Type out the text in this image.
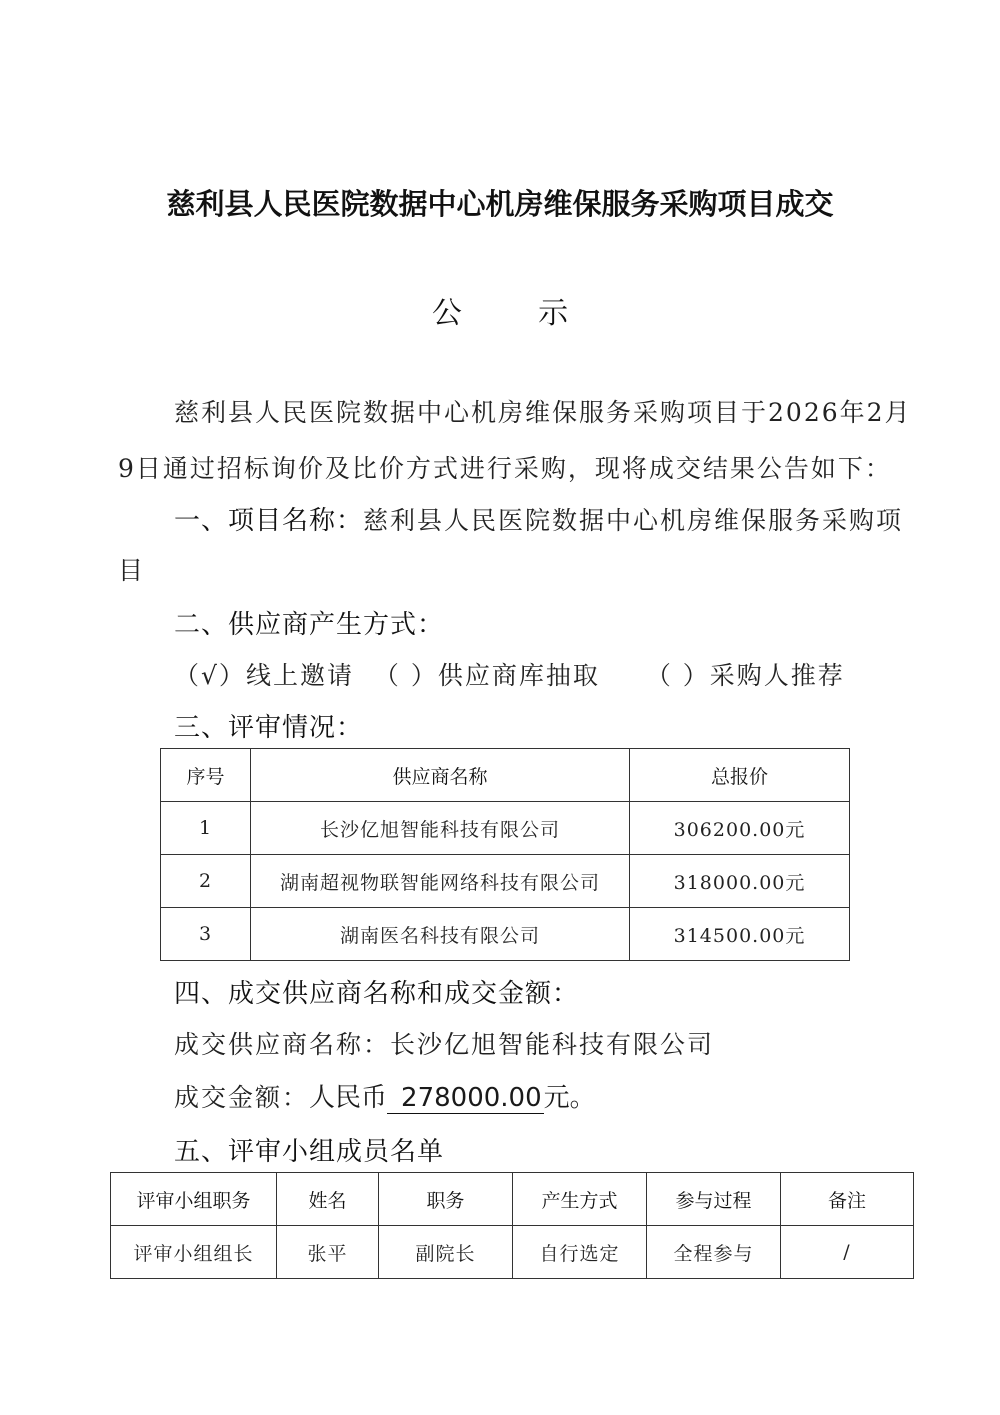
慈利县人民医院数据中心机房维保服务采购项目成交
公        示
慈利县人民医院数据中心机房维保服务采购项目于2026年2月
9日通过招标询价及比价方式进行采购，现将成交结果公告如下：
一、项目名称：慈利县人民医院数据中心机房维保服务采购项
目
二、供应商产生方式：
（√）线上邀请 （ ）供应商库抽取 （ ）采购人推荐
三、评审情况：
序号	供应商名称	总报价
1	长沙亿旭智能科技有限公司	306200.00元
2	湖南超视物联智能网络科技有限公司	318000.00元
3	湖南医名科技有限公司	314500.00元
四、成交供应商名称和成交金额：
成交供应商名称：长沙亿旭智能科技有限公司
成交金额：人民币 278000.00元。
五、评审小组成员名单
评审小组职务	姓名	职务	产生方式	参与过程	备注
评审小组组长	张平	副院长	自行选定	全程参与	/
